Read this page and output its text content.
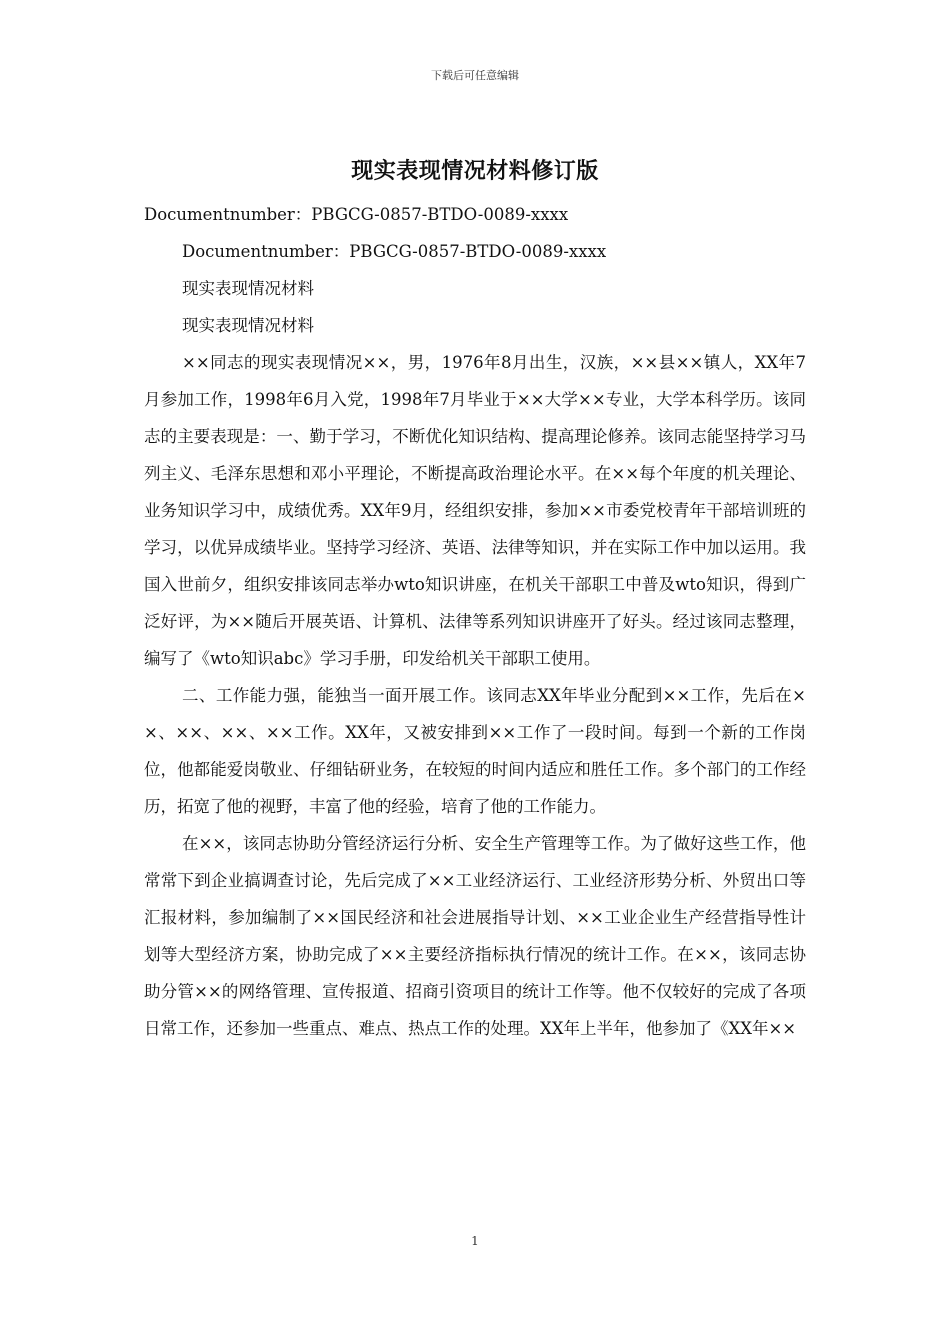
下载后可任意编辑
现实表现情况材料修订版

Documentnumber：PBGCG-0857-BTDO-0089-xxxx

Documentnumber：PBGCG-0857-BTDO-0089-xxxx

现实表现情况材料

现实表现情况材料

××同志的现实表现情况××，男，1976年8月出生，汉族，××县××镇人，XX年7月参加工作，1998年6月入党，1998年7月毕业于××大学××专业，大学本科学历。该同志的主要表现是：一、勤于学习，不断优化知识结构、提高理论修养。该同志能坚持学习马列主义、毛泽东思想和邓小平理论，不断提高政治理论水平。在××每个年度的机关理论、业务知识学习中，成绩优秀。XX年9月，经组织安排，参加××市委党校青年干部培训班的学习，以优异成绩毕业。坚持学习经济、英语、法律等知识，并在实际工作中加以运用。我国入世前夕，组织安排该同志举办wto知识讲座，在机关干部职工中普及wto知识，得到广泛好评，为××随后开展英语、计算机、法律等系列知识讲座开了好头。经过该同志整理，编写了《wto知识abc》学习手册，印发给机关干部职工使用。

二、工作能力强，能独当一面开展工作。该同志XX年毕业分配到××工作，先后在××、××、××、××工作。XX年，又被安排到××工作了一段时间。每到一个新的工作岗位，他都能爱岗敬业、仔细钻研业务，在较短的时间内适应和胜任工作。多个部门的工作经历，拓宽了他的视野，丰富了他的经验，培育了他的工作能力。

在××，该同志协助分管经济运行分析、安全生产管理等工作。为了做好这些工作，他常常下到企业搞调查讨论，先后完成了××工业经济运行、工业经济形势分析、外贸出口等汇报材料，参加编制了××国民经济和社会进展指导计划、××工业企业生产经营指导性计划等大型经济方案，协助完成了××主要经济指标执行情况的统计工作。在××，该同志协助分管××的网络管理、宣传报道、招商引资项目的统计工作等。他不仅较好的完成了各项日常工作，还参加一些重点、难点、热点工作的处理。XX年上半年，他参加了《XX年××

1
